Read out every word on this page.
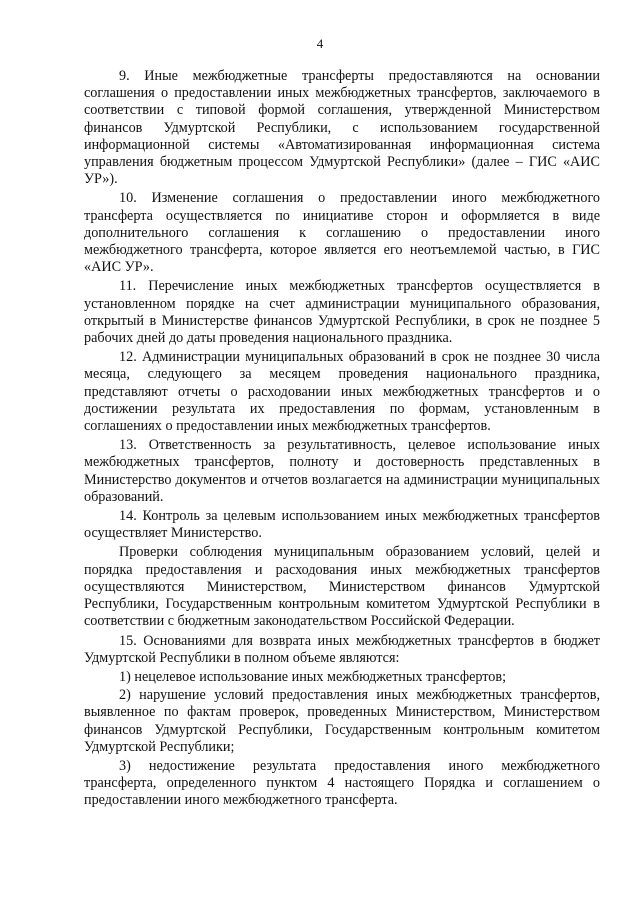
4

9. Иные межбюджетные трансферты предоставляются на основании соглашения о предоставлении иных межбюджетных трансфертов, заключаемого в соответствии с типовой формой соглашения, утвержденной Министерством финансов Удмуртской Республики, с использованием государственной информационной системы «Автоматизированная информационная система управления бюджетным процессом Удмуртской Республики» (далее – ГИС «АИС УР»).

10. Изменение соглашения о предоставлении иного межбюджетного трансферта осуществляется по инициативе сторон и оформляется в виде дополнительного соглашения к соглашению о предоставлении иного межбюджетного трансферта, которое является его неотъемлемой частью, в ГИС «АИС УР».

11. Перечисление иных межбюджетных трансфертов осуществляется в установленном порядке на счет администрации муниципального образования, открытый в Министерстве финансов Удмуртской Республики, в срок не позднее 5 рабочих дней до даты проведения национального праздника.

12. Администрации муниципальных образований в срок не позднее 30 числа месяца, следующего за месяцем проведения национального праздника, представляют отчеты о расходовании иных межбюджетных трансфертов и о достижении результата их предоставления по формам, установленным в соглашениях о предоставлении иных межбюджетных трансфертов.

13. Ответственность за результативность, целевое использование иных межбюджетных трансфертов, полноту и достоверность представленных в Министерство документов и отчетов возлагается на администрации муниципальных образований.

14. Контроль за целевым использованием иных межбюджетных трансфертов осуществляет Министерство.

Проверки соблюдения муниципальным образованием условий, целей и порядка предоставления и расходования иных межбюджетных трансфертов осуществляются Министерством, Министерством финансов Удмуртской Республики, Государственным контрольным комитетом Удмуртской Республики в соответствии с бюджетным законодательством Российской Федерации.

15. Основаниями для возврата иных межбюджетных трансфертов в бюджет Удмуртской Республики в полном объеме являются:

1) нецелевое использование иных межбюджетных трансфертов;

2) нарушение условий предоставления иных межбюджетных трансфертов, выявленное по фактам проверок, проведенных Министерством, Министерством финансов Удмуртской Республики, Государственным контрольным комитетом Удмуртской Республики;

3) недостижение результата предоставления иного межбюджетного трансферта, определенного пунктом 4 настоящего Порядка и соглашением о предоставлении иного межбюджетного трансферта.
